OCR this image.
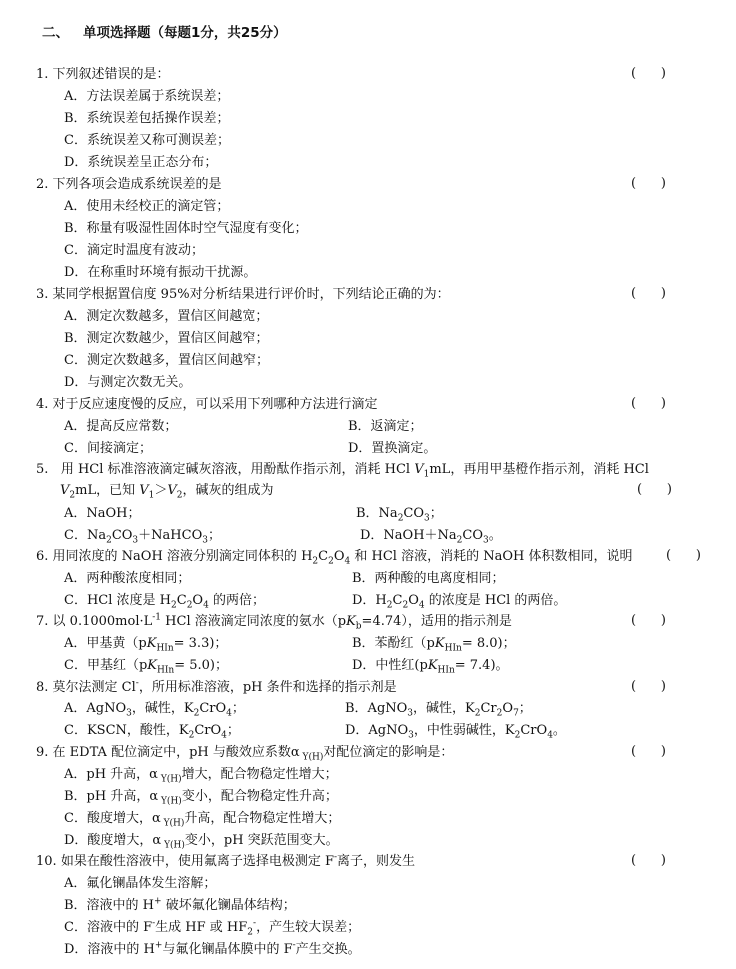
二、 单项选择题（每题1分，共25分）
1. 下列叙述错误的是：	(      )
A．方法误差属于系统误差；
B．系统误差包括操作误差；
C．系统误差又称可测误差；
D．系统误差呈正态分布；
2. 下列各项会造成系统误差的是	(      )
A．使用未经校正的滴定管；
B．称量有吸湿性固体时空气湿度有变化；
C．滴定时温度有波动；
D．在称重时环境有振动干扰源。
3. 某同学根据置信度 95%对分析结果进行评价时，下列结论正确的为：	(      )
A．测定次数越多，置信区间越宽；
B．测定次数越少，置信区间越窄；
C．测定次数越多，置信区间越窄；
D．与测定次数无关。
4. 对于反应速度慢的反应，可以采用下列哪种方法进行滴定	(      )
A．提高反应常数；	B．返滴定；
C．间接滴定；	D．置换滴定。
5. 用 HCl 标准溶液滴定碱灰溶液，用酚酞作指示剂，消耗 HCl $V_1mL$，再用甲基橙作指示剂，消耗 HCl
$V_2mL$，已知 $V_1>V_2$，碱灰的组成为	(      )
A．NaOH；	B．$Na_2CO_3$；
C．$Na_2CO_3+NaHCO_3$；	D．$NaOH+Na_2CO_3$。
6. 用同浓度的 NaOH 溶液分别滴定同体积的 $H_2C_2O_4$ 和 HCl 溶液，消耗的 NaOH 体积数相同，说明	(      )
A．两种酸浓度相同；	B．两种酸的电离度相同；
C．HCl 浓度是 $H_2C_2O_4$ 的两倍；	D．$H_2C_2O_4$ 的浓度是 HCl 的两倍。
7. 以 $0.1000mol\cdot L^{-1}$ HCl 溶液滴定同浓度的氨水$(pK_b=4.74)$，适用的指示剂是	(      )
A．甲基黄$(pK_{HIn}= 3.3)$；	B．苯酚红$(pK_{HIn}= 8.0)$；
C．甲基红$(pK_{HIn}= 5.0)$；	D．中性红$(pK_{HIn}= 7.4)$。
8. 莫尔法测定 Cl-，所用标准溶液，pH 条件和选择的指示剂是	(      )
A．AgNO$_3$，碱性，$K_2CrO_4$；	B．AgNO$_3$，碱性，$K_2Cr_2O_7$；
C．KSCN，酸性，$K_2CrO_4$；	D．AgNO$_3$，中性弱碱性，$K_2CrO_4$。
9. 在 EDTA 配位滴定中，pH 与酸效应系数α $_{Y(H)}$对配位滴定的影响是：	(      )
A．pH 升高，α $_{Y(H)}$增大，配合物稳定性增大；
B．pH 升高，α $_{Y(H)}$变小，配合物稳定性升高；
C．酸度增大，α $_{Y(H)}$升高，配合物稳定性增大；
D．酸度增大，α $_{Y(H)}$变小，pH 突跃范围变大。
10. 如果在酸性溶液中，使用氟离子选择电极测定 F-离子，则发生	(      )
A．氟化镧晶体发生溶解；
B．溶液中的 H+ 破坏氟化镧晶体结构；
C．溶液中的 F-生成 HF 或 $HF_2^-$，产生较大误差；
D．溶液中的 H+与氟化镧晶体膜中的 F-产生交换。
